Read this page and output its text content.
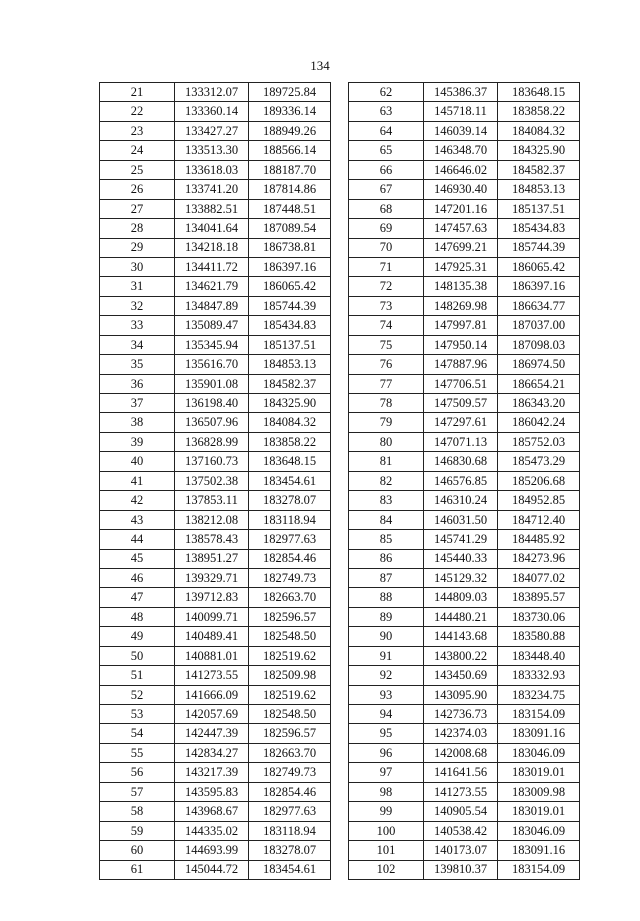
134
21	133312.07	189725.84
22	133360.14	189336.14
23	133427.27	188949.26
24	133513.30	188566.14
25	133618.03	188187.70
26	133741.20	187814.86
27	133882.51	187448.51
28	134041.64	187089.54
29	134218.18	186738.81
30	134411.72	186397.16
31	134621.79	186065.42
32	134847.89	185744.39
33	135089.47	185434.83
34	135345.94	185137.51
35	135616.70	184853.13
36	135901.08	184582.37
37	136198.40	184325.90
38	136507.96	184084.32
39	136828.99	183858.22
40	137160.73	183648.15
41	137502.38	183454.61
42	137853.11	183278.07
43	138212.08	183118.94
44	138578.43	182977.63
45	138951.27	182854.46
46	139329.71	182749.73
47	139712.83	182663.70
48	140099.71	182596.57
49	140489.41	182548.50
50	140881.01	182519.62
51	141273.55	182509.98
52	141666.09	182519.62
53	142057.69	182548.50
54	142447.39	182596.57
55	142834.27	182663.70
56	143217.39	182749.73
57	143595.83	182854.46
58	143968.67	182977.63
59	144335.02	183118.94
60	144693.99	183278.07
61	145044.72	183454.61
62	145386.37	183648.15
63	145718.11	183858.22
64	146039.14	184084.32
65	146348.70	184325.90
66	146646.02	184582.37
67	146930.40	184853.13
68	147201.16	185137.51
69	147457.63	185434.83
70	147699.21	185744.39
71	147925.31	186065.42
72	148135.38	186397.16
73	148269.98	186634.77
74	147997.81	187037.00
75	147950.14	187098.03
76	147887.96	186974.50
77	147706.51	186654.21
78	147509.57	186343.20
79	147297.61	186042.24
80	147071.13	185752.03
81	146830.68	185473.29
82	146576.85	185206.68
83	146310.24	184952.85
84	146031.50	184712.40
85	145741.29	184485.92
86	145440.33	184273.96
87	145129.32	184077.02
88	144809.03	183895.57
89	144480.21	183730.06
90	144143.68	183580.88
91	143800.22	183448.40
92	143450.69	183332.93
93	143095.90	183234.75
94	142736.73	183154.09
95	142374.03	183091.16
96	142008.68	183046.09
97	141641.56	183019.01
98	141273.55	183009.98
99	140905.54	183019.01
100	140538.42	183046.09
101	140173.07	183091.16
102	139810.37	183154.09
